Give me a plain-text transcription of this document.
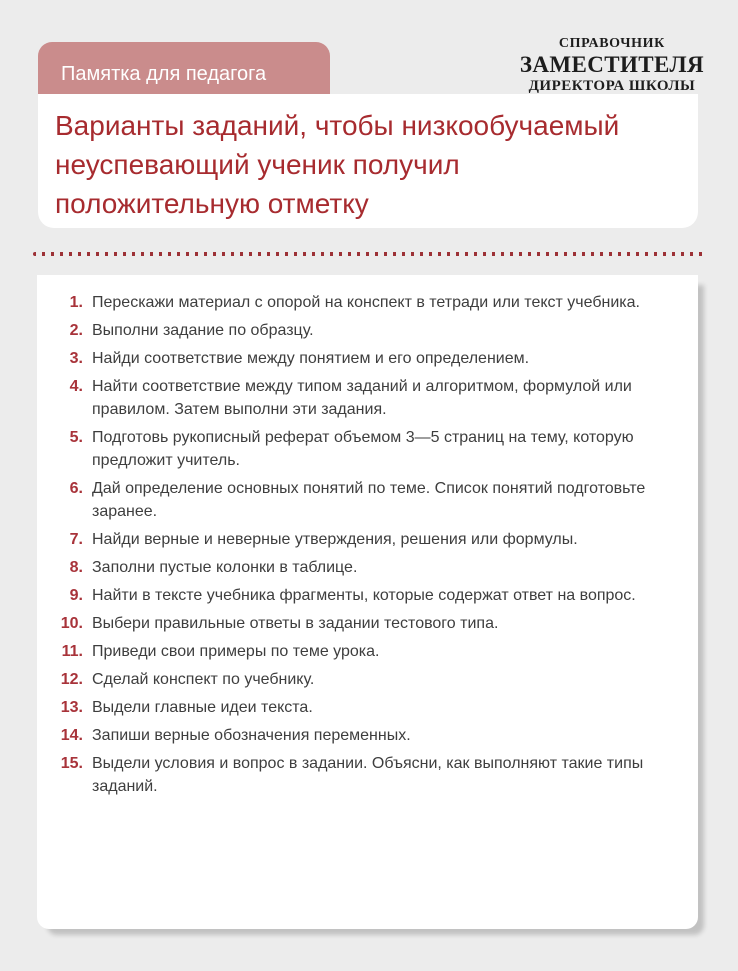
Памятка для педагога
СПРАВОЧНИК
ЗАМЕСТИТЕЛЯ
ДИРЕКТОРА ШКОЛЫ
Варианты заданий, чтобы низкообучаемый
неуспевающий ученик получил
положительную отметку
1. Перескажи материал с опорой на конспект в тетради или текст учебника.
2. Выполни задание по образцу.
3. Найди соответствие между понятием и его определением.
4. Найти соответствие между типом заданий и алгоритмом, формулой или правилом. Затем выполни эти задания.
5. Подготовь рукописный реферат объемом 3—5 страниц на тему, которую предложит учитель.
6. Дай определение основных понятий по теме. Список понятий подготовьте заранее.
7. Найди верные и неверные утверждения, решения или формулы.
8. Заполни пустые колонки в таблице.
9. Найти в тексте учебника фрагменты, которые содержат ответ на вопрос.
10. Выбери правильные ответы в задании тестового типа.
11. Приведи свои примеры по теме урока.
12. Сделай конспект по учебнику.
13. Выдели главные идеи текста.
14. Запиши верные обозначения переменных.
15. Выдели условия и вопрос в задании. Объясни, как выполняют такие типы заданий.
